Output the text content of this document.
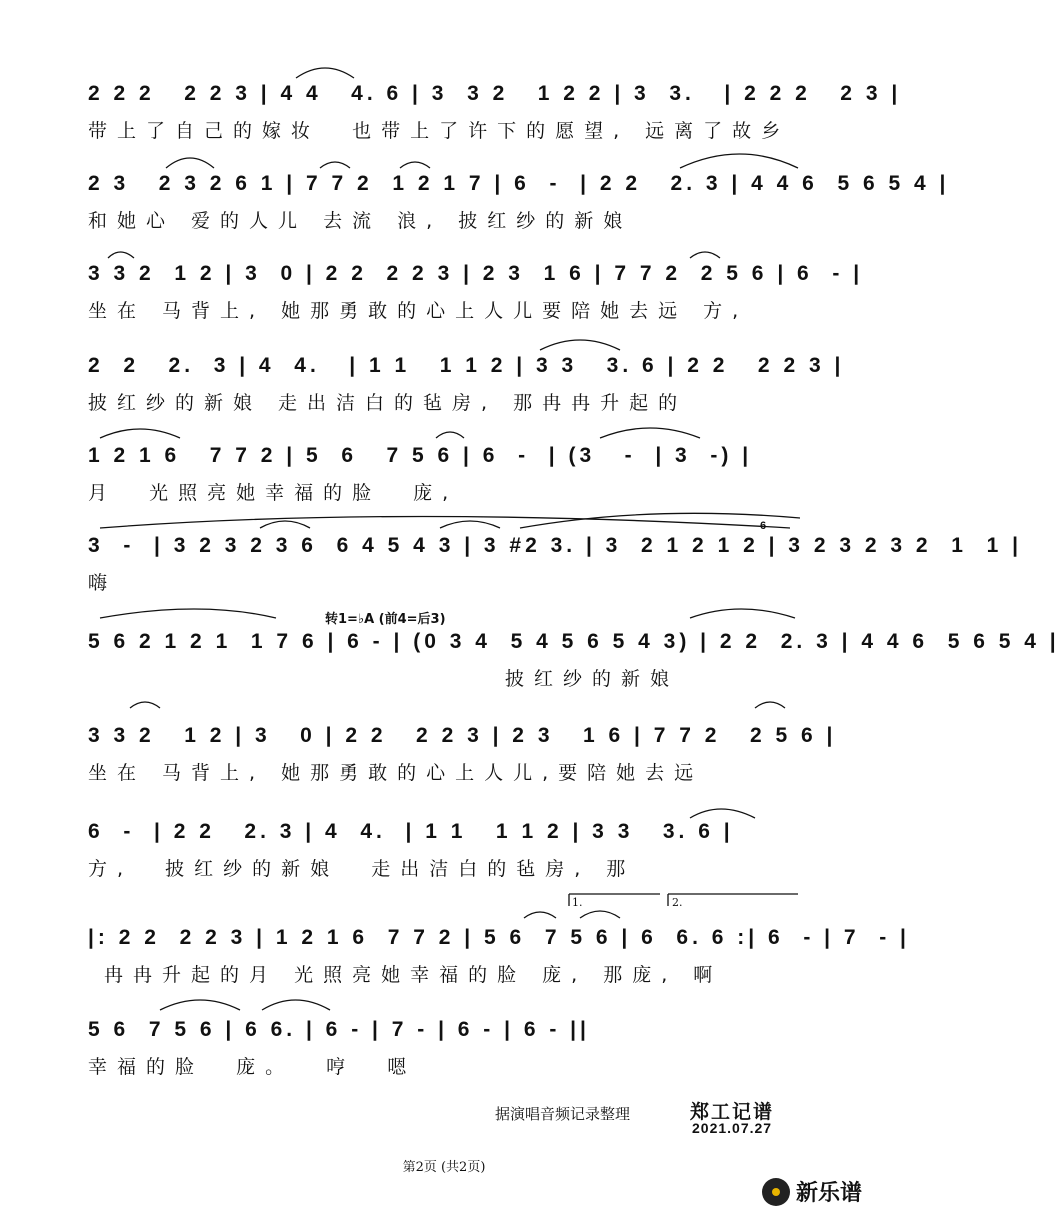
2 2 2   2 2 3 | 4 4   4. 6 | 3  3 2   1 2 2 | 3  3.   | 2 2 2   2 3 |
带上了自己的嫁妆  也带上了许下的愿望, 远离了故乡
2 3   2 3 2 6 1 | 7 7 2  1 2 1 7 | 6  -  | 2 2   2. 3 | 4 4 6  5 6 5 4 |
和她心 爱的人儿 去流 浪, 披红纱的新娘
3 3 2  1 2 | 3  0 | 2 2  2 2 3 | 2 3  1 6 | 7 7 2  2 5 6 | 6  - |
坐在 马背上, 她那勇敢的心上人儿要陪她去远 方,
2  2   2.  3 | 4  4.   | 1 1   1 1 2 | 3 3   3. 6 | 2 2   2 2 3 |
披红纱的新娘 走出洁白的毡房, 那冉冉升起的
1 2 1 6   7 7 2 | 5  6   7 5 6 | 6  -  | (3   -  | 3  -) |
月  光照亮她幸福的脸  庞,
3  -  | 3 2 3 2 3 6  6 4 5 4 3 | 3 #2 3. | 3  2 1 2 1 2 | 3 2 3 2 3 2  1  1 |
嗨
转1=♭A (前4=后3)
5 6 2 1 2 1  1 7 6 | 6 - | (0 3 4  5 4 5 6 5 4 3) | 2 2  2. 3 | 4 4 6  5 6 5 4 |
披红纱的新娘
3 3 2   1 2 | 3   0 | 2 2   2 2 3 | 2 3   1 6 | 7 7 2   2 5 6 |
坐在 马背上, 她那勇敢的心上人儿,要陪她去远
6  -  | 2 2   2. 3 | 4  4.  | 1 1   1 1 2 | 3 3   3. 6 |
方,  披红纱的新娘  走出洁白的毡房, 那
1.	2.
|: 2 2  2 2 3 | 1 2 1 6  7 7 2 | 5 6  7 5 6 | 6  6. 6 :| 6  - | 7  - |
冉冉升起的月 光照亮她幸福的脸 庞, 那庞, 啊
5 6  7 5 6 | 6 6. | 6 - | 7 - | 6 - | 6 - ||
幸福的脸  庞。  哼  嗯
6
据演唱音频记录整理	郑工记谱
2021.07.27
第2页 (共2页)
新乐谱
